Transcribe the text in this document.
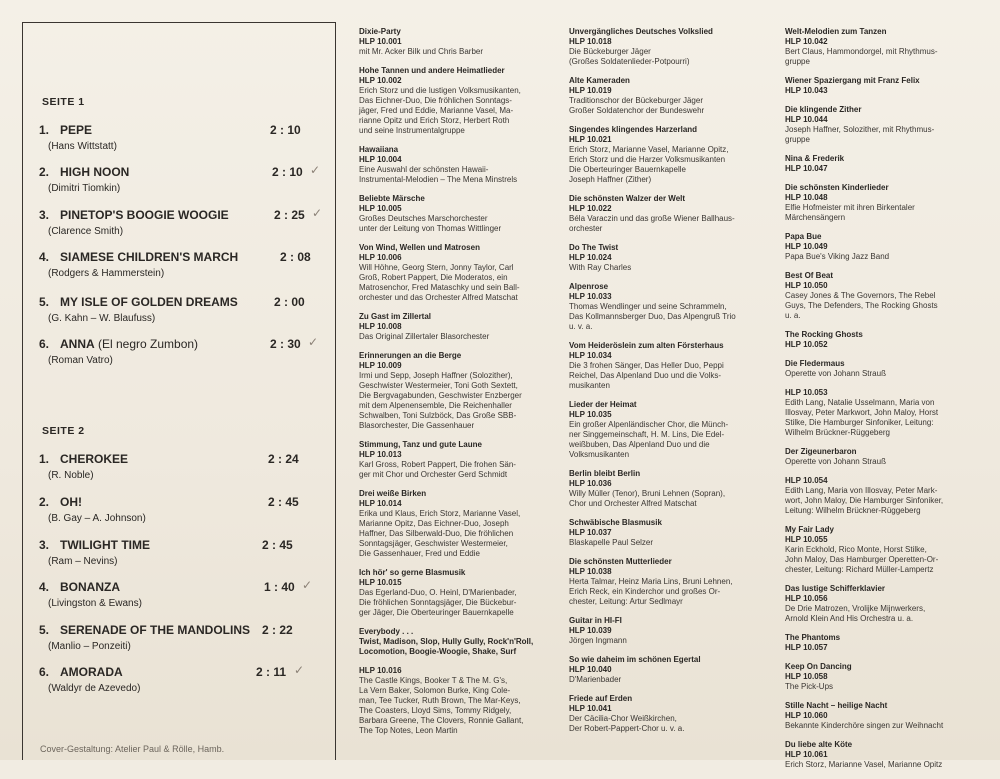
SEITE 1
1. PEPE
(Hans Wittstatt)
2 : 10
2. HIGH NOON
(Dimitri Tiomkin)
2 : 10 ✓
3. PINETOP'S BOOGIE WOOGIE
(Clarence Smith)
2 : 25 ✓
4. SIAMESE CHILDREN'S MARCH
(Rodgers & Hammerstein)
2 : 08
5. MY ISLE OF GOLDEN DREAMS
(G. Kahn – W. Blaufuss)
2 : 00
6. ANNA (El negro Zumbon)
(Roman Vatro)
2 : 30 ✓
SEITE 2
1. CHEROKEE
(R. Noble)
2 : 24
2. OH!
(B. Gay – A. Johnson)
2 : 45
3. TWILIGHT TIME
(Ram – Nevins)
2 : 45
4. BONANZA
(Livingston & Ewans)
1 : 40 ✓
5. SERENADE OF THE MANDOLINS
(Manlio – Ponzeiti)
2 : 22
6. AMORADA
(Waldyr de Azevedo)
2 : 11 ✓
Cover-Gestaltung: Atelier Paul & Rölle, Hamb.
Dixie-Party
HLP 10.001
mit Mr. Acker Bilk und Chris Barber
Hohe Tannen und andere Heimatlieder
HLP 10.002
Erich Storz und die lustigen Volksmusikanten,
Das Eichner-Duo, Die fröhlichen Sonntags-
jäger, Fred und Eddie, Marianne Vasel, Ma-
rianne Opitz und Erich Storz, Herbert Roth
und seine Instrumentalgruppe
Hawaiiana
HLP 10.004
Eine Auswahl der schönsten Hawaii-
Instrumental-Melodien – The Mena Minstrels
Beliebte Märsche
HLP 10.005
Großes Deutsches Marschorchester
unter der Leitung von Thomas Wittlinger
Von Wind, Wellen und Matrosen
HLP 10.006
Will Höhne, Georg Stern, Jonny Taylor, Carl
Groß, Robert Pappert, Die Moderatos, ein
Matrosenchor, Fred Mataschky und sein Ball-
orchester und das Orchester Alfred Matschat
Zu Gast im Zillertal
HLP 10.008
Das Original Zillertaler Blasorchester
Erinnerungen an die Berge
HLP 10.009
Irmi und Sepp, Joseph Haffner (Solozither),
Geschwister Westermeier, Toni Goth Sextett,
Die Bergvagabunden, Geschwister Enzberger
mit dem Alpenensemble, Die Reichenhaller
Schwalben, Toni Sulzböck, Das Große SBB-
Blasorchester, Die Gassenhauer
Stimmung, Tanz und gute Laune
HLP 10.013
Karl Gross, Robert Pappert, Die frohen Sän-
ger mit Chor und Orchester Gerd Schmidt
Drei weiße Birken
HLP 10.014
Erika und Klaus, Erich Storz, Marianne Vasel,
Marianne Opitz, Das Eichner-Duo, Joseph
Haffner, Das Silberwald-Duo, Die fröhlichen
Sonntagsjäger, Geschwister Westermeier,
Die Gassenhauer, Fred und Eddie
Ich hör' so gerne Blasmusik
HLP 10.015
Das Egerland-Duo, O. Heinl, D'Marienbader,
Die fröhlichen Sonntagsjäger, Die Bückebur-
ger Jäger, Die Oberteuringer Bauernkapelle
Everybody . . .
Twist, Madison, Slop, Hully Gully, Rock'n'Roll,
Locomotion, Boogie-Woogie, Shake, Surf
HLP 10.016
The Castle Kings, Booker T & The M. G's,
La Vern Baker, Solomon Burke, King Cole-
man, Tee Tucker, Ruth Brown, The Mar-Keys,
The Coasters, Lloyd Sims, Tommy Ridgely,
Barbara Greene, The Clovers, Ronnie Gallant,
The Top Notes, Leon Martin
Unvergängliches Deutsches Volkslied
HLP 10.018
Die Bückeburger Jäger
(Großes Soldatenlieder-Potpourri)
Alte Kameraden
HLP 10.019
Traditionschor der Bückeburger Jäger
Großer Soldatenchor der Bundeswehr
Singendes klingendes Harzerland
HLP 10.021
Erich Storz, Marianne Vasel, Marianne Opitz,
Erich Storz und die Harzer Volksmusikanten
Die Oberteuringer Bauernkapelle
Joseph Haffner (Zither)
Die schönsten Walzer der Welt
HLP 10.022
Béla Varaczin und das große Wiener Ballhaus-
orchester
Do The Twist
HLP 10.024
With Ray Charles
Alpenrose
HLP 10.033
Thomas Wendlinger und seine Schrammeln,
Das Kollmannsberger Duo, Das Alpengruß Trio
u. v. a.
Vom Heideröslein zum alten Försterhaus
HLP 10.034
Die 3 frohen Sänger, Das Heller Duo, Peppi
Reichel, Das Alpenland Duo und die Volks-
musikanten
Lieder der Heimat
HLP 10.035
Ein großer Alpenländischer Chor, die Münch-
ner Singgemeinschaft, H. M. Lins, Die Edel-
weißbuben, Das Alpenland Duo und die
Volksmusikanten
Berlin bleibt Berlin
HLP 10.036
Willy Müller (Tenor), Bruni Lehnen (Sopran),
Chor und Orchester Alfred Matschat
Schwäbische Blasmusik
HLP 10.037
Blaskapelle Paul Selzer
Die schönsten Mutterlieder
HLP 10.038
Herta Talmar, Heinz Maria Lins, Bruni Lehnen,
Erich Reck, ein Kinderchor und großes Or-
chester, Leitung: Artur Sedlmayr
Guitar in HI-FI
HLP 10.039
Jörgen Ingmann
So wie daheim im schönen Egertal
HLP 10.040
D'Marienbader
Friede auf Erden
HLP 10.041
Der Cäcilia-Chor Weißkirchen,
Der Robert-Pappert-Chor u. v. a.
Welt-Melodien zum Tanzen
HLP 10.042
Bert Claus, Hammondorgel, mit Rhythmus-
gruppe
Wiener Spaziergang mit Franz Felix
HLP 10.043
Die klingende Zither
HLP 10.044
Joseph Haffner, Solozither, mit Rhythmus-
gruppe
Nina & Frederik
HLP 10.047
Die schönsten Kinderlieder
HLP 10.048
Elfie Hofmeister mit ihren Birkentaler
Märchensängern
Papa Bue
HLP 10.049
Papa Bue's Viking Jazz Band
Best Of Beat
HLP 10.050
Casey Jones & The Governors, The Rebel
Guys, The Defenders, The Rocking Ghosts
u. a.
The Rocking Ghosts
HLP 10.052
Die Fledermaus
Operette von Johann Strauß
HLP 10.053
Edith Lang, Natalie Usselmann, Maria von
Illosvay, Peter Markwort, John Maloy, Horst
Stilke, Die Hamburger Sinfoniker, Leitung:
Wilhelm Brückner-Rüggeberg
Der Zigeunerbaron
Operette von Johann Strauß
HLP 10.054
Edith Lang, Maria von Illosvay, Peter Mark-
wort, John Maloy, Die Hamburger Sinfoniker,
Leitung: Wilhelm Brückner-Rüggeberg
My Fair Lady
HLP 10.055
Karin Eckhold, Rico Monte, Horst Stilke,
John Maloy, Das Hamburger Operetten-Or-
chester, Leitung: Richard Müller-Lampertz
Das lustige Schifferklavier
HLP 10.056
De Drie Matrozen, Vrolijke Mijnwerkers,
Arnold Klein And His Orchestra u. a.
The Phantoms
HLP 10.057
Keep On Dancing
HLP 10.058
The Pick-Ups
Stille Nacht – heilige Nacht
HLP 10.060
Bekannte Kinderchöre singen zur Weihnacht
Du liebe alte Köte
HLP 10.061
Erich Storz, Marianne Vasel, Marianne Opitz
